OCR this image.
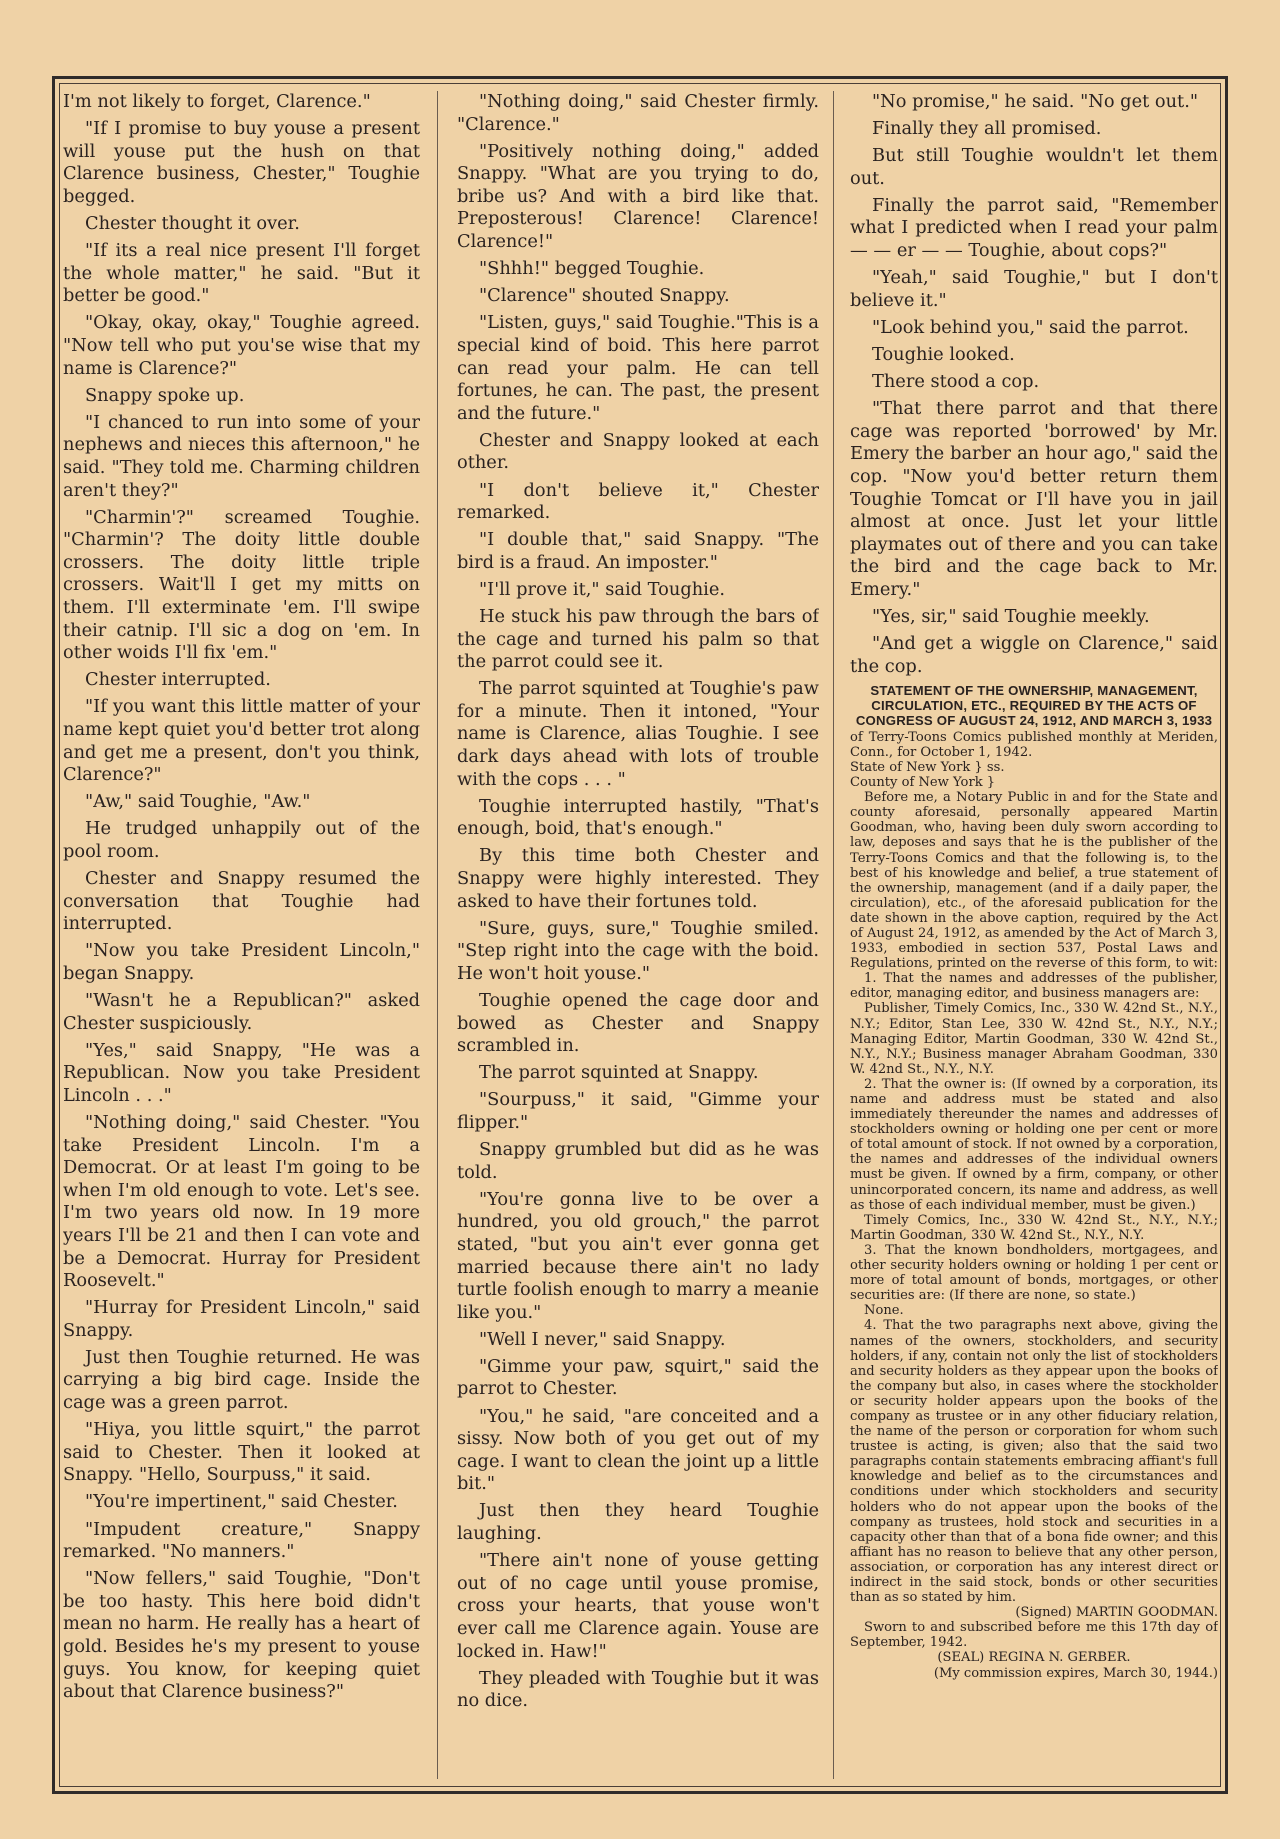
I'm not likely to forget, Clarence."

"If I promise to buy youse a present will youse put the hush on that Clarence business, Chester," Toughie begged.

Chester thought it over.

"If its a real nice present I'll forget the whole matter," he said. "But it better be good."

"Okay, okay, okay," Toughie agreed. "Now tell who put you'se wise that my name is Clarence?"

Snappy spoke up.

"I chanced to run into some of your nephews and nieces this afternoon," he said. "They told me. Charming children aren't they?"

"Charmin'?" screamed Toughie. "Charmin'? The doity little double crossers. The doity little triple crossers. Wait'll I get my mitts on them. I'll exterminate 'em. I'll swipe their catnip. I'll sic a dog on 'em. In other woids I'll fix 'em."

Chester interrupted.

"If you want this little matter of your name kept quiet you'd better trot along and get me a present, don't you think, Clarence?"

"Aw," said Toughie, "Aw."

He trudged unhappily out of the pool room.

Chester and Snappy resumed the conversation that Toughie had interrupted.

"Now you take President Lincoln," began Snappy.

"Wasn't he a Republican?" asked Chester suspiciously.

"Yes," said Snappy, "He was a Republican. Now you take President Lincoln . . ."

"Nothing doing," said Chester. "You take President Lincoln. I'm a Democrat. Or at least I'm going to be when I'm old enough to vote. Let's see. I'm two years old now. In 19 more years I'll be 21 and then I can vote and be a Democrat. Hurray for President Roosevelt."

"Hurray for President Lincoln," said Snappy.

Just then Toughie returned. He was carrying a big bird cage. Inside the cage was a green parrot.

"Hiya, you little squirt," the parrot said to Chester. Then it looked at Snappy. "Hello, Sourpuss," it said.

"You're impertinent," said Chester.

"Impudent creature," Snappy remarked. "No manners."

"Now fellers," said Toughie, "Don't be too hasty. This here boid didn't mean no harm. He really has a heart of gold. Besides he's my present to youse guys. You know, for keeping quiet about that Clarence business?"

"Nothing doing," said Chester firmly. "Clarence."

"Positively nothing doing," added Snappy. "What are you trying to do, bribe us? And with a bird like that. Preposterous! Clarence! Clarence! Clarence!"

"Shhh!" begged Toughie.

"Clarence" shouted Snappy.

"Listen, guys," said Toughie."This is a special kind of boid. This here parrot can read your palm. He can tell fortunes, he can. The past, the present and the future."

Chester and Snappy looked at each other.

"I don't believe it," Chester remarked.

"I double that," said Snappy. "The bird is a fraud. An imposter."

"I'll prove it," said Toughie.

He stuck his paw through the bars of the cage and turned his palm so that the parrot could see it.

The parrot squinted at Toughie's paw for a minute. Then it intoned, "Your name is Clarence, alias Toughie. I see dark days ahead with lots of trouble with the cops . . . "

Toughie interrupted hastily, "That's enough, boid, that's enough."

By this time both Chester and Snappy were highly interested. They asked to have their fortunes told.

"Sure, guys, sure," Toughie smiled. "Step right into the cage with the boid. He won't hoit youse."

Toughie opened the cage door and bowed as Chester and Snappy scrambled in.

The parrot squinted at Snappy.

"Sourpuss," it said, "Gimme your flipper."

Snappy grumbled but did as he was told.

"You're gonna live to be over a hundred, you old grouch," the parrot stated, "but you ain't ever gonna get married because there ain't no lady turtle foolish enough to marry a meanie like you."

"Well I never," said Snappy.

"Gimme your paw, squirt," said the parrot to Chester.

"You," he said, "are conceited and a sissy. Now both of you get out of my cage. I want to clean the joint up a little bit."

Just then they heard Toughie laughing.

"There ain't none of youse getting out of no cage until youse promise, cross your hearts, that youse won't ever call me Clarence again. Youse are locked in. Haw!"

They pleaded with Toughie but it was no dice.

"No promise," he said. "No get out."

Finally they all promised.

But still Toughie wouldn't let them out.

Finally the parrot said, "Remember what I predicted when I read your palm — — er — — Toughie, about cops?"

"Yeah," said Toughie," but I don't believe it."

"Look behind you," said the parrot.

Toughie looked.

There stood a cop.

"That there parrot and that there cage was reported 'borrowed' by Mr. Emery the barber an hour ago," said the cop. "Now you'd better return them Toughie Tomcat or I'll have you in jail almost at once. Just let your little playmates out of there and you can take the bird and the cage back to Mr. Emery."

"Yes, sir," said Toughie meekly.

"And get a wiggle on Clarence," said the cop.

STATEMENT OF THE OWNERSHIP, MANAGEMENT, CIRCULATION, ETC., REQUIRED BY THE ACTS OF CONGRESS OF AUGUST 24, 1912, AND MARCH 3, 1933

of Terry-Toons Comics published monthly at Meriden, Conn., for October 1, 1942.

State of New York } ss.

County of New York }

Before me, a Notary Public in and for the State and county aforesaid, personally appeared Martin Goodman, who, having been duly sworn according to law, deposes and says that he is the publisher of the Terry-Toons Comics and that the following is, to the best of his knowledge and belief, a true statement of the ownership, management (and if a daily paper, the circulation), etc., of the aforesaid publication for the date shown in the above caption, required by the Act of August 24, 1912, as amended by the Act of March 3, 1933, embodied in section 537, Postal Laws and Regulations, printed on the reverse of this form, to wit:

1. That the names and addresses of the publisher, editor, managing editor, and business managers are:

Publisher, Timely Comics, Inc., 330 W. 42nd St., N.Y., N.Y.; Editor, Stan Lee, 330 W. 42nd St., N.Y., N.Y.; Managing Editor, Martin Goodman, 330 W. 42nd St., N.Y., N.Y.; Business manager Abraham Goodman, 330 W. 42nd St., N.Y., N.Y.

2. That the owner is: (If owned by a corporation, its name and address must be stated and also immediately thereunder the names and addresses of stockholders owning or holding one per cent or more of total amount of stock. If not owned by a corporation, the names and addresses of the individual owners must be given. If owned by a firm, company, or other unincorporated concern, its name and address, as well as those of each individual member, must be given.)

Timely Comics, Inc., 330 W. 42nd St., N.Y., N.Y.; Martin Goodman, 330 W. 42nd St., N.Y., N.Y.

3. That the known bondholders, mortgagees, and other security holders owning or holding 1 per cent or more of total amount of bonds, mortgages, or other securities are: (If there are none, so state.)

None.

4. That the two paragraphs next above, giving the names of the owners, stockholders, and security holders, if any, contain not only the list of stockholders and security holders as they appear upon the books of the company but also, in cases where the stockholder or security holder appears upon the books of the company as trustee or in any other fiduciary relation, the name of the person or corporation for whom such trustee is acting, is given; also that the said two paragraphs contain statements embracing affiant's full knowledge and belief as to the circumstances and conditions under which stockholders and security holders who do not appear upon the books of the company as trustees, hold stock and securities in a capacity other than that of a bona fide owner; and this affiant has no reason to believe that any other person, association, or corporation has any interest direct or indirect in the said stock, bonds or other securities than as so stated by him.

(Signed) MARTIN GOODMAN.

Sworn to and subscribed before me this 17th day of September, 1942.

(SEAL) REGINA N. GERBER.

(My commission expires, March 30, 1944.)
